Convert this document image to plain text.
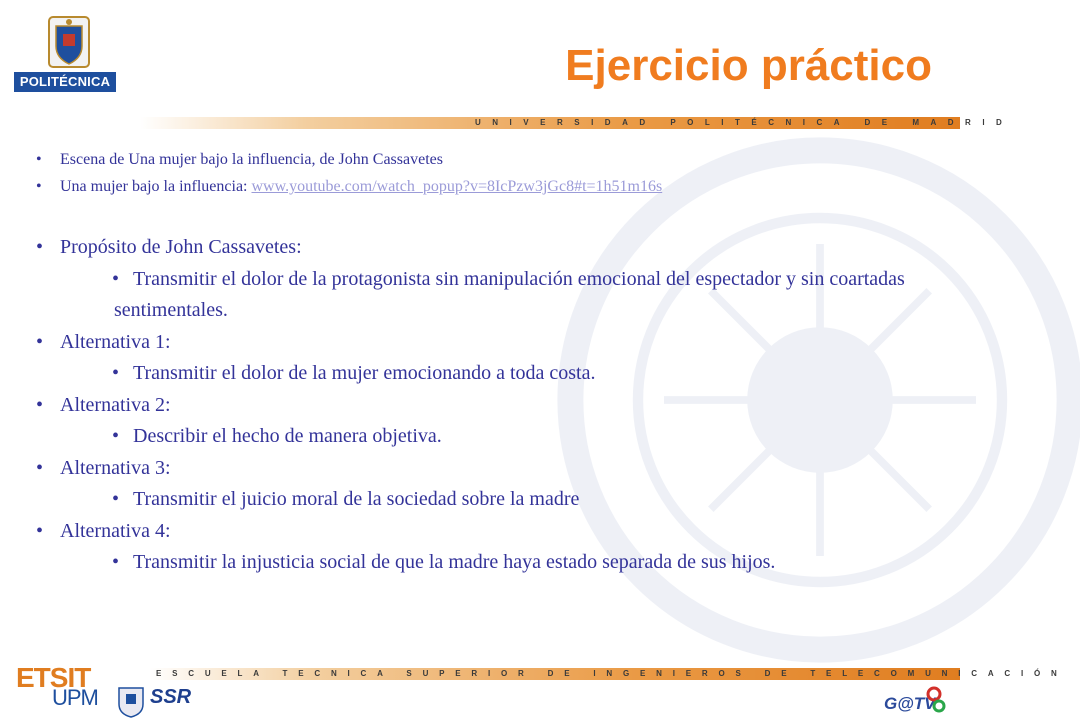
POLITÉCNICA	Ejercicio práctico
UNIVERSIDAD POLITÉCNICA DE MADRID
• Escena de Una mujer bajo la influencia, de John Cassavetes
• Una mujer bajo la influencia: www.youtube.com/watch_popup?v=8IcPzw3jGc8#t=1h51m16s
• Propósito de John Cassavetes:
• Transmitir el dolor de la protagonista sin manipulación emocional del espectador y sin coartadas sentimentales.
• Alternativa 1:
• Transmitir el dolor de la mujer emocionando a toda costa.
• Alternativa 2:
• Describir el hecho de manera objetiva.
• Alternativa 3:
• Transmitir el juicio moral de la sociedad sobre la madre
• Alternativa 4:
• Transmitir la injusticia social de que la madre haya estado separada de sus hijos.
ESCUELA TECNICA SUPERIOR DE INGENIEROS DE TELECOMUNICACIÓN
ETSIT
UPM	SSR	G@TV
